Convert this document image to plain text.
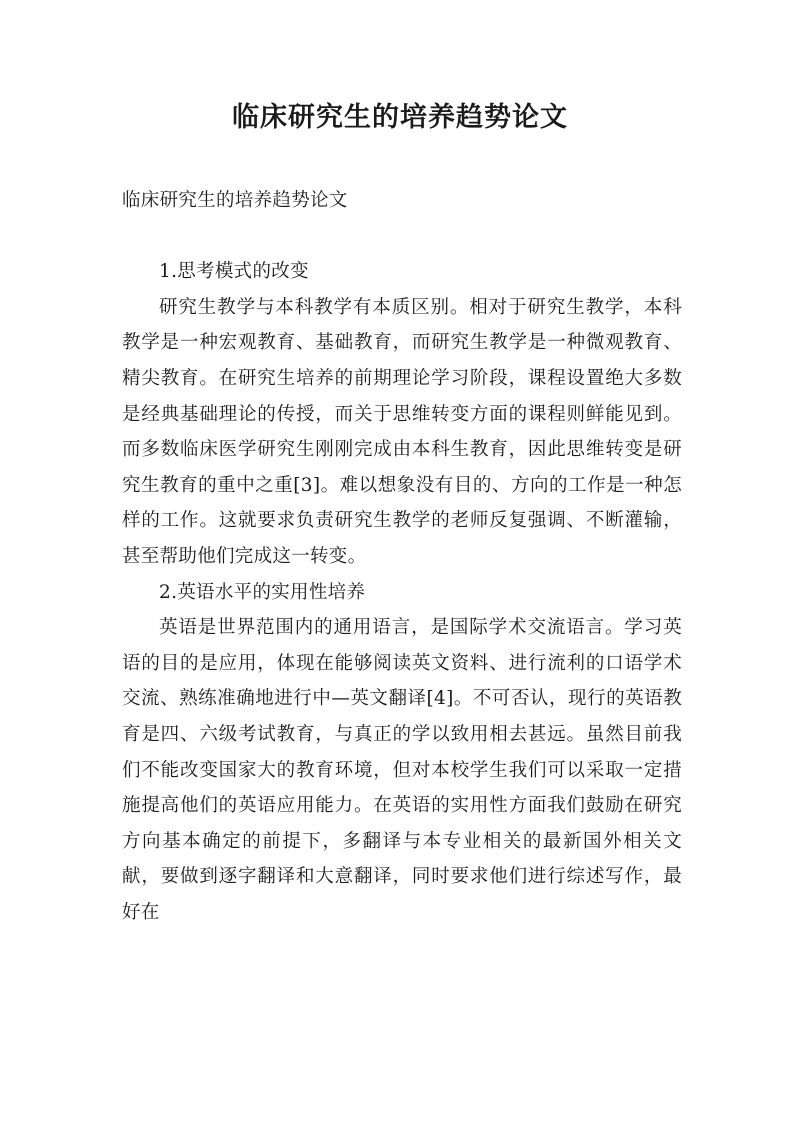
临床研究生的培养趋势论文

临床研究生的培养趋势论文

1.思考模式的改变

研究生教学与本科教学有本质区别。相对于研究生教学，本科教学是一种宏观教育、基础教育，而研究生教学是一种微观教育、精尖教育。在研究生培养的前期理论学习阶段，课程设置绝大多数是经典基础理论的传授，而关于思维转变方面的课程则鲜能见到。而多数临床医学研究生刚刚完成由本科生教育，因此思维转变是研究生教育的重中之重[3]。难以想象没有目的、方向的工作是一种怎样的工作。这就要求负责研究生教学的老师反复强调、不断灌输，甚至帮助他们完成这一转变。

2.英语水平的实用性培养

英语是世界范围内的通用语言，是国际学术交流语言。学习英语的目的是应用，体现在能够阅读英文资料、进行流利的口语学术交流、熟练准确地进行中—英文翻译[4]。不可否认，现行的英语教育是四、六级考试教育，与真正的学以致用相去甚远。虽然目前我们不能改变国家大的教育环境，但对本校学生我们可以采取一定措施提高他们的英语应用能力。在英语的实用性方面我们鼓励在研究方向基本确定的前提下，多翻译与本专业相关的最新国外相关文献，要做到逐字翻译和大意翻译，同时要求他们进行综述写作，最好在
